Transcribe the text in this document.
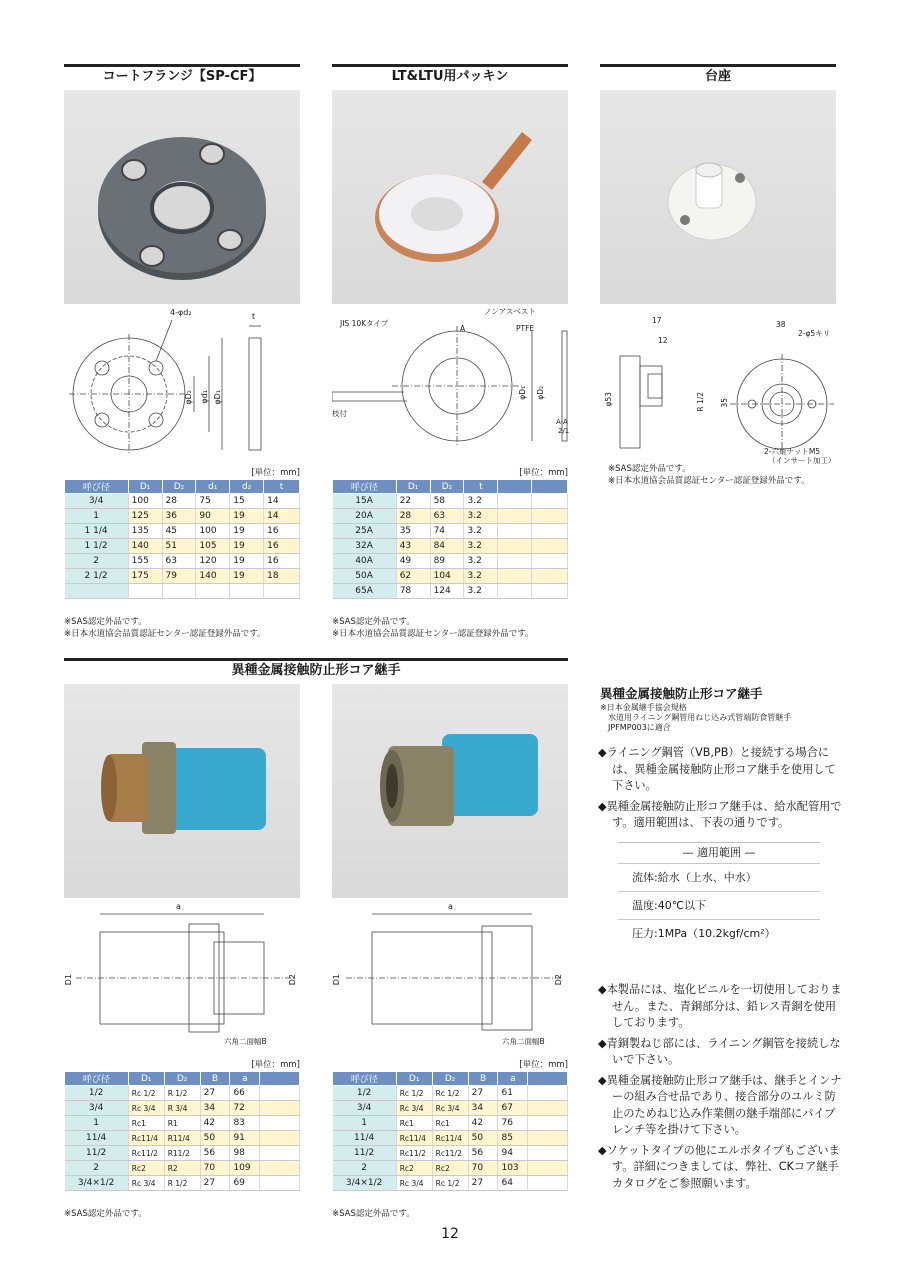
コートフランジ【SP-CF】	LT&LTU用パッキン	台座
4-φd₂	t
φD₂ φd₁ φD₁
JIS 10Kタイプ
ノンアスベスト
PTFE
A
枝付
φD₁ φD₂
A-A
2/1
17
12
φ53	R 1/2
38
35
2-φ5キリ
2-六角ナットM5
（インサート加工）
[単位：mm]
呼び径	D₁	D₂	d₁	d₂	t
3/4	100	28	75	15	14
1	125	36	90	19	14
1 1/4	135	45	100	19	16
1 1/2	140	51	105	19	16
2	155	63	120	19	16
2 1/2	175	79	140	19	18

※SAS認定外品です。
※日本水道協会品質認証センター認証登録外品です。
[単位：mm]
呼び径	D₁	D₂	t		
15A	22	58	3.2		
20A	28	63	3.2		
25A	35	74	3.2		
32A	43	84	3.2		
40A	49	89	3.2		
50A	62	104	3.2		
65A	78	124	3.2		
※SAS認定外品です。
※日本水道協会品質認証センター認証登録外品です。
※SAS認定外品です。
※日本水道協会品質認証センター認証登録外品です。
異種金属接触防止形コア継手
a
D1	D2
六角二面幅B
a
D1	D2
六角二面幅B
[単位：mm]
呼び径	D₁	D₂	B	a	
1/2	Rc 1/2	R 1/2	27	66	
3/4	Rc 3/4	R 3/4	34	72	
1	Rc1	R1	42	83	
11/4	Rc11/4	R11/4	50	91	
11/2	Rc11/2	R11/2	56	98	
2	Rc2	R2	70	109	
3/4×1/2	Rc 3/4	R 1/2	27	69	
※SAS認定外品です。
[単位：mm]
呼び径	D₁	D₂	B	a	
1/2	Rc 1/2	Rc 1/2	27	61	
3/4	Rc 3/4	Rc 3/4	34	67	
1	Rc1	Rc1	42	76	
11/4	Rc11/4	Rc11/4	50	85	
11/2	Rc11/2	Rc11/2	56	94	
2	Rc2	Rc2	70	103	
3/4×1/2	Rc 3/4	Rc 1/2	27	64	
※SAS認定外品です。
異種金属接触防止形コア継手
※日本金属継手協会規格
水道用ライニング鋼管用ねじ込み式管端防食管継手
JPFMP003に適合
◆ライニング鋼管（VB,PB）と接続する場合には、異種金属接触防止形コア継手を使用して下さい。
◆異種金属接触防止形コア継手は、給水配管用です。適用範囲は、下表の通りです。
— 適用範囲 —
流体:給水（上水、中水）
温度:40℃以下
圧力:1MPa（10.2kgf/cm²）
◆本製品には、塩化ビニルを一切使用しておりません。また、青銅部分は、鉛レス青銅を使用しております。
◆青銅製ねじ部には、ライニング鋼管を接続しないで下さい。
◆異種金属接触防止形コア継手は、継手とインナーの組み合せ品であり、接合部分のユルミ防止のためねじ込み作業側の継手端部にパイプレンチ等を掛けて下さい。
◆ソケットタイプの他にエルボタイプもございます。詳細につきましては、弊社、CKコア継手カタログをご参照願います。
12
